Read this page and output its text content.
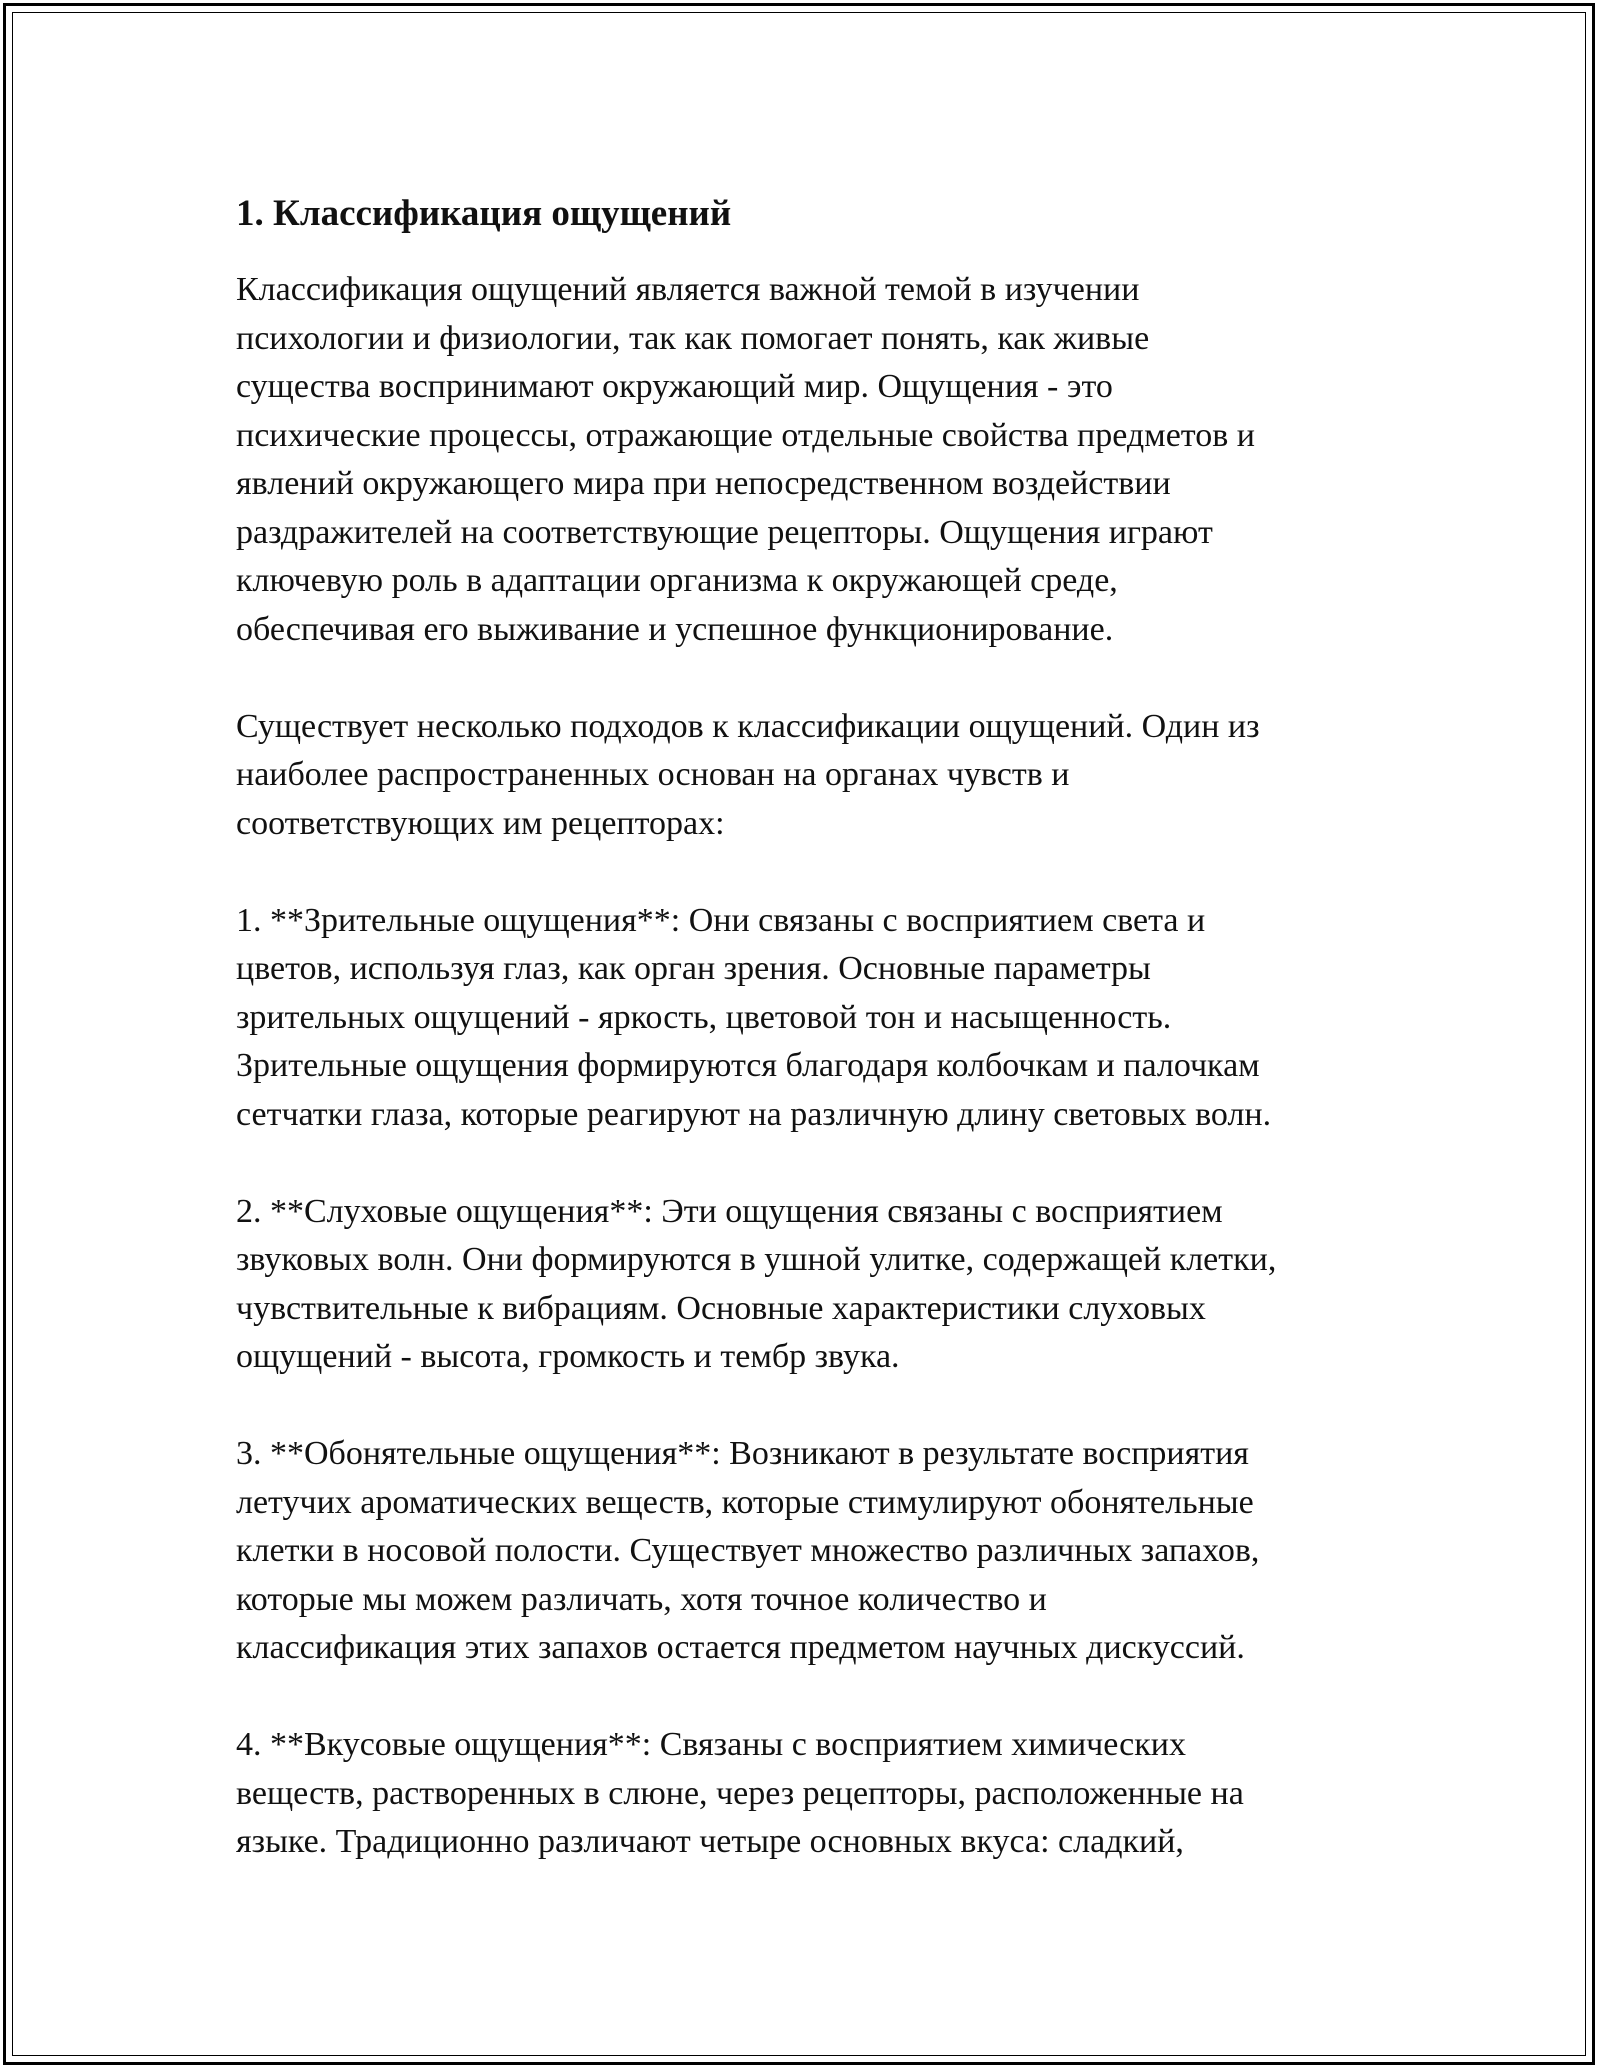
1. Классификация ощущений
Классификация ощущений является важной темой в изучении
психологии и физиологии, так как помогает понять, как живые
существа воспринимают окружающий мир. Ощущения - это
психические процессы, отражающие отдельные свойства предметов и
явлений окружающего мира при непосредственном воздействии
раздражителей на соответствующие рецепторы. Ощущения играют
ключевую роль в адаптации организма к окружающей среде,
обеспечивая его выживание и успешное функционирование.
Существует несколько подходов к классификации ощущений. Один из
наиболее распространенных основан на органах чувств и
соответствующих им рецепторах:
1. **Зрительные ощущения**: Они связаны с восприятием света и
цветов, используя глаз, как орган зрения. Основные параметры
зрительных ощущений - яркость, цветовой тон и насыщенность.
Зрительные ощущения формируются благодаря колбочкам и палочкам
сетчатки глаза, которые реагируют на различную длину световых волн.
2. **Слуховые ощущения**: Эти ощущения связаны с восприятием
звуковых волн. Они формируются в ушной улитке, содержащей клетки,
чувствительные к вибрациям. Основные характеристики слуховых
ощущений - высота, громкость и тембр звука.
3. **Обонятельные ощущения**: Возникают в результате восприятия
летучих ароматических веществ, которые стимулируют обонятельные
клетки в носовой полости. Существует множество различных запахов,
которые мы можем различать, хотя точное количество и
классификация этих запахов остается предметом научных дискуссий.
4. **Вкусовые ощущения**: Связаны с восприятием химических
веществ, растворенных в слюне, через рецепторы, расположенные на
языке. Традиционно различают четыре основных вкуса: сладкий,
